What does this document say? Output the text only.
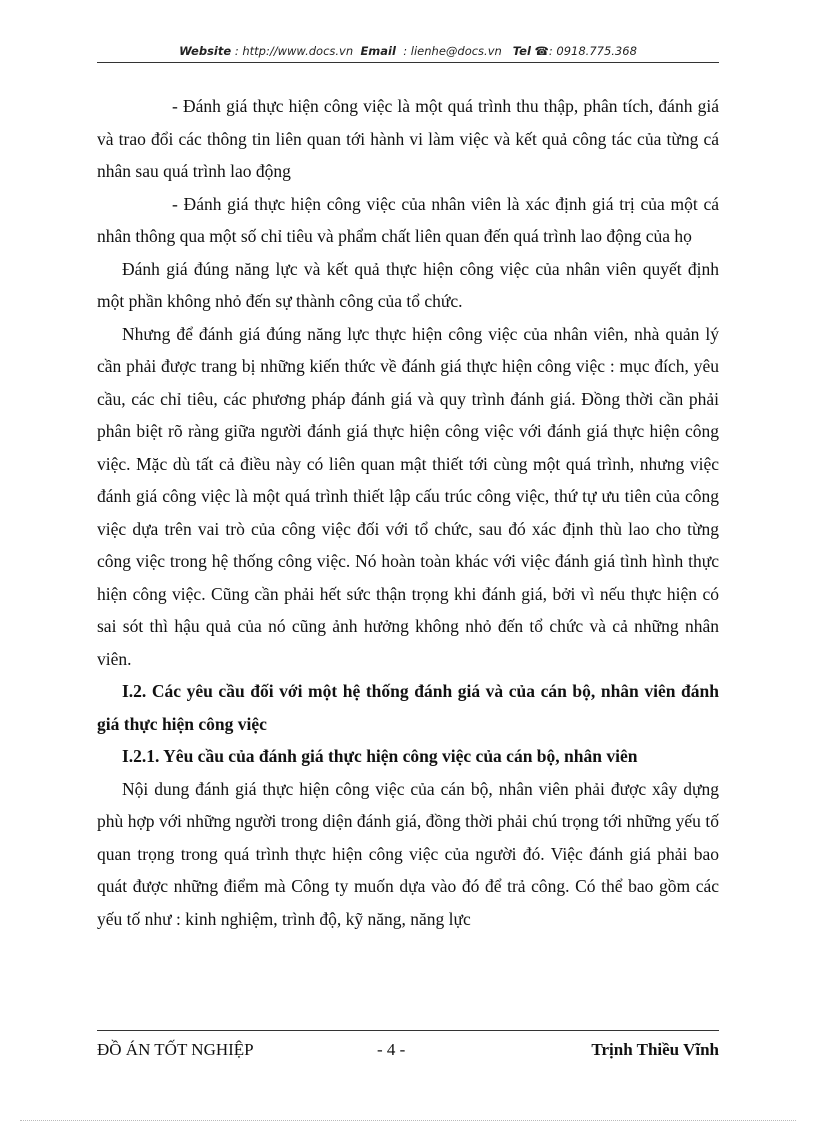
Website : http://www.docs.vn Email : lienhe@docs.vn Tel ☎: 0918.775.368

- Đánh giá thực hiện công việc là một quá trình thu thập, phân tích, đánh giá và trao đổi các thông tin liên quan tới hành vi làm việc và kết quả công tác của từng cá nhân sau quá trình lao động

- Đánh giá thực hiện công việc của nhân viên là xác định giá trị của một cá nhân thông qua một số chỉ tiêu và phẩm chất liên quan đến quá trình lao động của họ

Đánh giá đúng năng lực và kết quả thực hiện công việc của nhân viên quyết định một phần không nhỏ đến sự thành công của tổ chức.

Nhưng để đánh giá đúng năng lực thực hiện công việc của nhân viên, nhà quản lý cần phải được trang bị những kiến thức về đánh giá thực hiện công việc : mục đích, yêu cầu, các chỉ tiêu, các phương pháp đánh giá và quy trình đánh giá. Đồng thời cần phải phân biệt rõ ràng giữa người đánh giá thực hiện công việc với đánh giá thực hiện công việc. Mặc dù tất cả điều này có liên quan mật thiết tới cùng một quá trình, nhưng việc đánh giá công việc là một quá trình thiết lập cấu trúc công việc, thứ tự ưu tiên của công việc dựa trên vai trò của công việc đối với tổ chức, sau đó xác định thù lao cho từng công việc trong hệ thống công việc. Nó hoàn toàn khác với việc đánh giá tình hình thực hiện công việc. Cũng cần phải hết sức thận trọng khi đánh giá, bởi vì nếu thực hiện có sai sót thì hậu quả của nó cũng ảnh hưởng không nhỏ đến tổ chức và cả những nhân viên.

I.2. Các yêu cầu đối với một hệ thống đánh giá và của cán bộ, nhân viên đánh giá thực hiện công việc

I.2.1. Yêu cầu của đánh giá thực hiện công việc của cán bộ, nhân viên

Nội dung đánh giá thực hiện công việc của cán bộ, nhân viên phải được xây dựng phù hợp với những người trong diện đánh giá, đồng thời phải chú trọng tới những yếu tố quan trọng trong quá trình thực hiện công việc của người đó. Việc đánh giá phải bao quát được những điểm mà Công ty muốn dựa vào đó để trả công. Có thể bao gồm các yếu tố như : kinh nghiệm, trình độ, kỹ năng, năng lực

ĐỒ ÁN TỐT NGHIỆP	- 4 -	Trịnh Thiều Vĩnh
